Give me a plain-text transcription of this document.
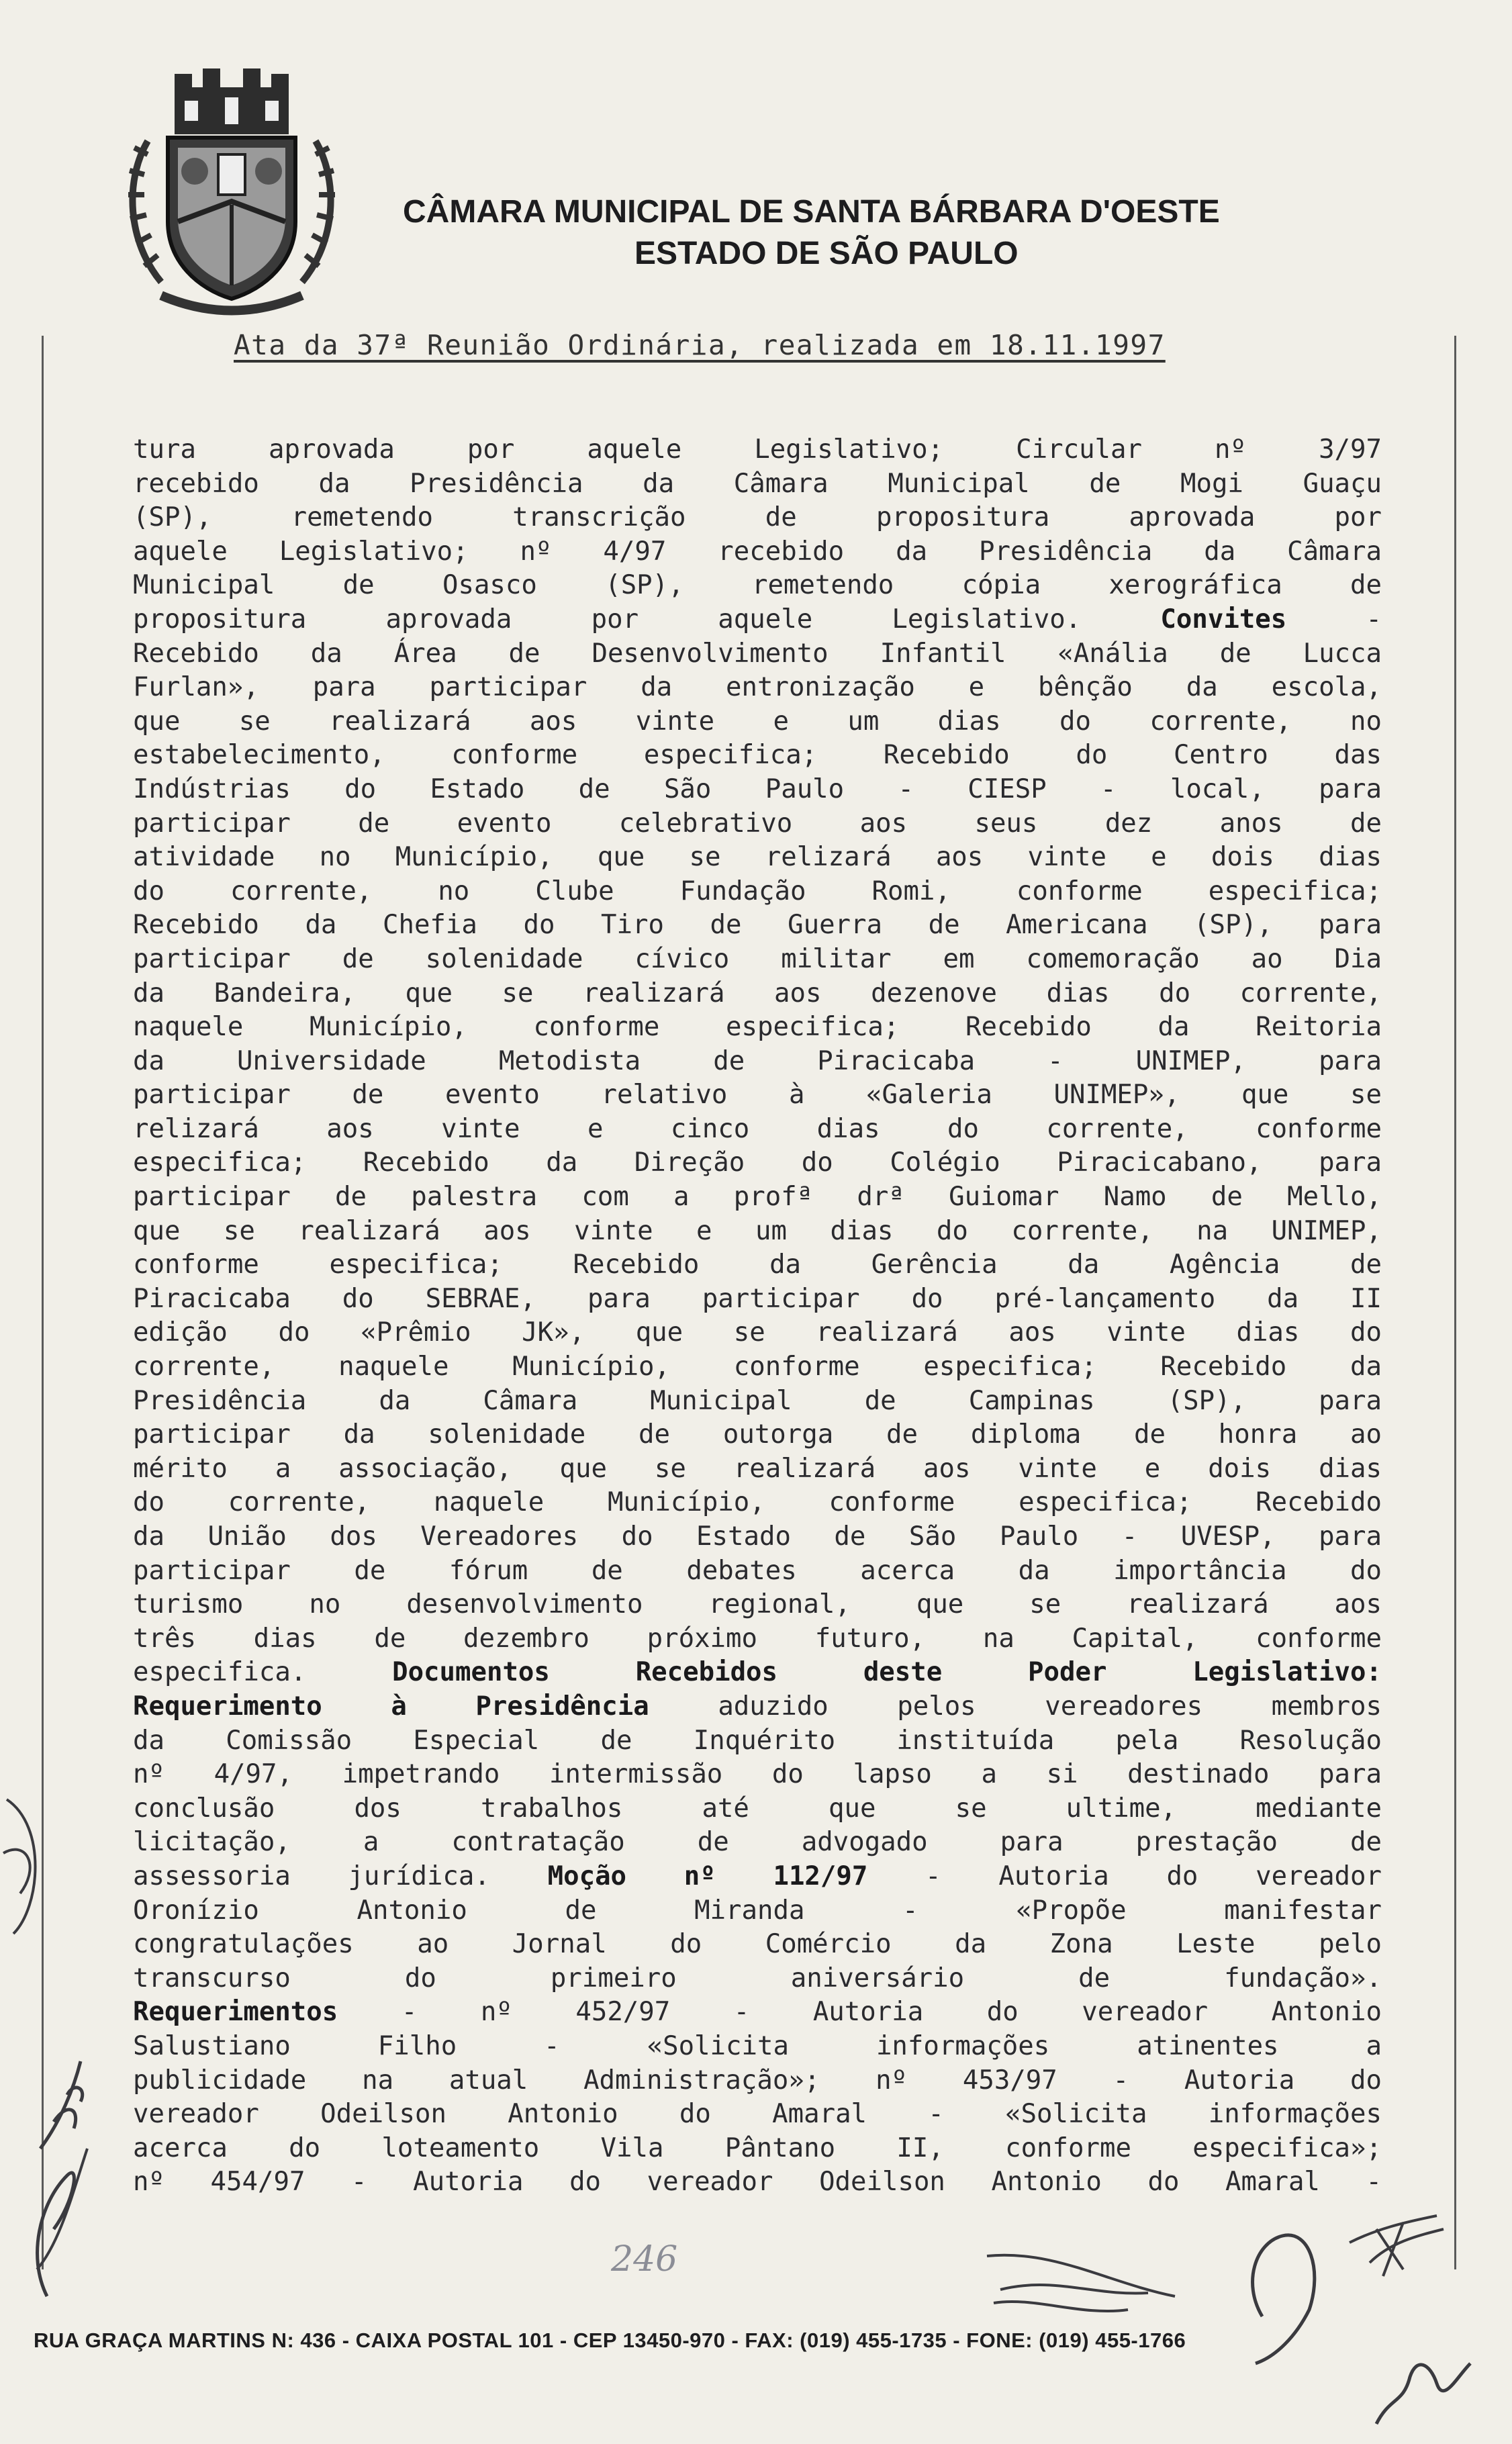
CÂMARA MUNICIPAL DE SANTA BÁRBARA D'OESTE
ESTADO DE SÃO PAULO
Ata da 37ª Reunião Ordinária, realizada em 18.11.1997

tura aprovada por aquele Legislativo; Circular nº 3/97

recebido da Presidência da Câmara Municipal de Mogi Guaçu

(SP), remetendo transcrição de propositura aprovada por

aquele Legislativo; nº 4/97 recebido da Presidência da Câmara

Municipal de Osasco (SP), remetendo cópia xerográfica de

propositura aprovada por aquele Legislativo.	Convites	-

Recebido da Área de Desenvolvimento Infantil «Anália de Lucca

Furlan», para participar da entronização e bênção da escola,

que se realizará aos vinte e um dias do corrente, no

estabelecimento, conforme especifica; Recebido do Centro das

Indústrias do Estado de São Paulo - CIESP - local, para

participar de evento celebrativo aos seus dez anos de

atividade no Município, que se relizará aos vinte e dois dias

do corrente, no Clube Fundação Romi, conforme especifica;

Recebido da Chefia do Tiro de Guerra de Americana (SP), para

participar de solenidade cívico militar em comemoração ao Dia

da Bandeira, que se realizará aos dezenove dias do corrente,

naquele Município, conforme especifica; Recebido da Reitoria

da Universidade Metodista de Piracicaba - UNIMEP, para

participar de evento relativo à «Galeria UNIMEP», que se

relizará aos vinte e cinco dias do corrente, conforme

especifica; Recebido da Direção do Colégio Piracicabano, para

participar de palestra com a profª drª Guiomar Namo de Mello,

que se realizará aos vinte e um dias do corrente, na UNIMEP,

conforme especifica; Recebido da Gerência da Agência de

Piracicaba do SEBRAE, para participar do pré-lançamento da II

edição do «Prêmio JK», que se realizará aos vinte dias do

corrente, naquele Município, conforme especifica; Recebido da

Presidência da Câmara Municipal de Campinas (SP), para

participar da solenidade de outorga de diploma de honra ao

mérito a associação, que se realizará aos vinte e dois dias

do corrente, naquele Município, conforme especifica; Recebido

da União dos Vereadores do Estado de São Paulo - UVESP, para

participar de fórum de debates acerca da importância do

turismo no desenvolvimento regional, que se realizará aos

três dias de dezembro próximo futuro, na Capital, conforme

especifica.	Documentos Recebidos deste Poder Legislativo:

Requerimento à Presidência	aduzido pelos vereadores membros

da Comissão Especial de Inquérito instituída pela Resolução

nº 4/97, impetrando intermissão do lapso a si destinado para

conclusão dos trabalhos até que se ultime, mediante

licitação, a contratação de advogado para prestação de

assessoria jurídica. Moção nº 112/97 - Autoria do vereador

Oronízio Antonio de Miranda - «Propõe manifestar

congratulações ao Jornal do Comércio da Zona Leste pelo

transcurso do primeiro aniversário de fundação».

Requerimentos - nº 452/97 - Autoria do vereador Antonio

Salustiano Filho - «Solicita informações atinentes a

publicidade na atual Administração»; nº 453/97 - Autoria do

vereador Odeilson Antonio do Amaral - «Solicita informações

acerca do loteamento Vila Pântano II, conforme especifica»;

nº 454/97 - Autoria do vereador Odeilson Antonio do Amaral -

246
RUA GRAÇA MARTINS N: 436 - CAIXA POSTAL 101 - CEP 13450-970 - FAX: (019) 455-1735 - FONE: (019) 455-1766
